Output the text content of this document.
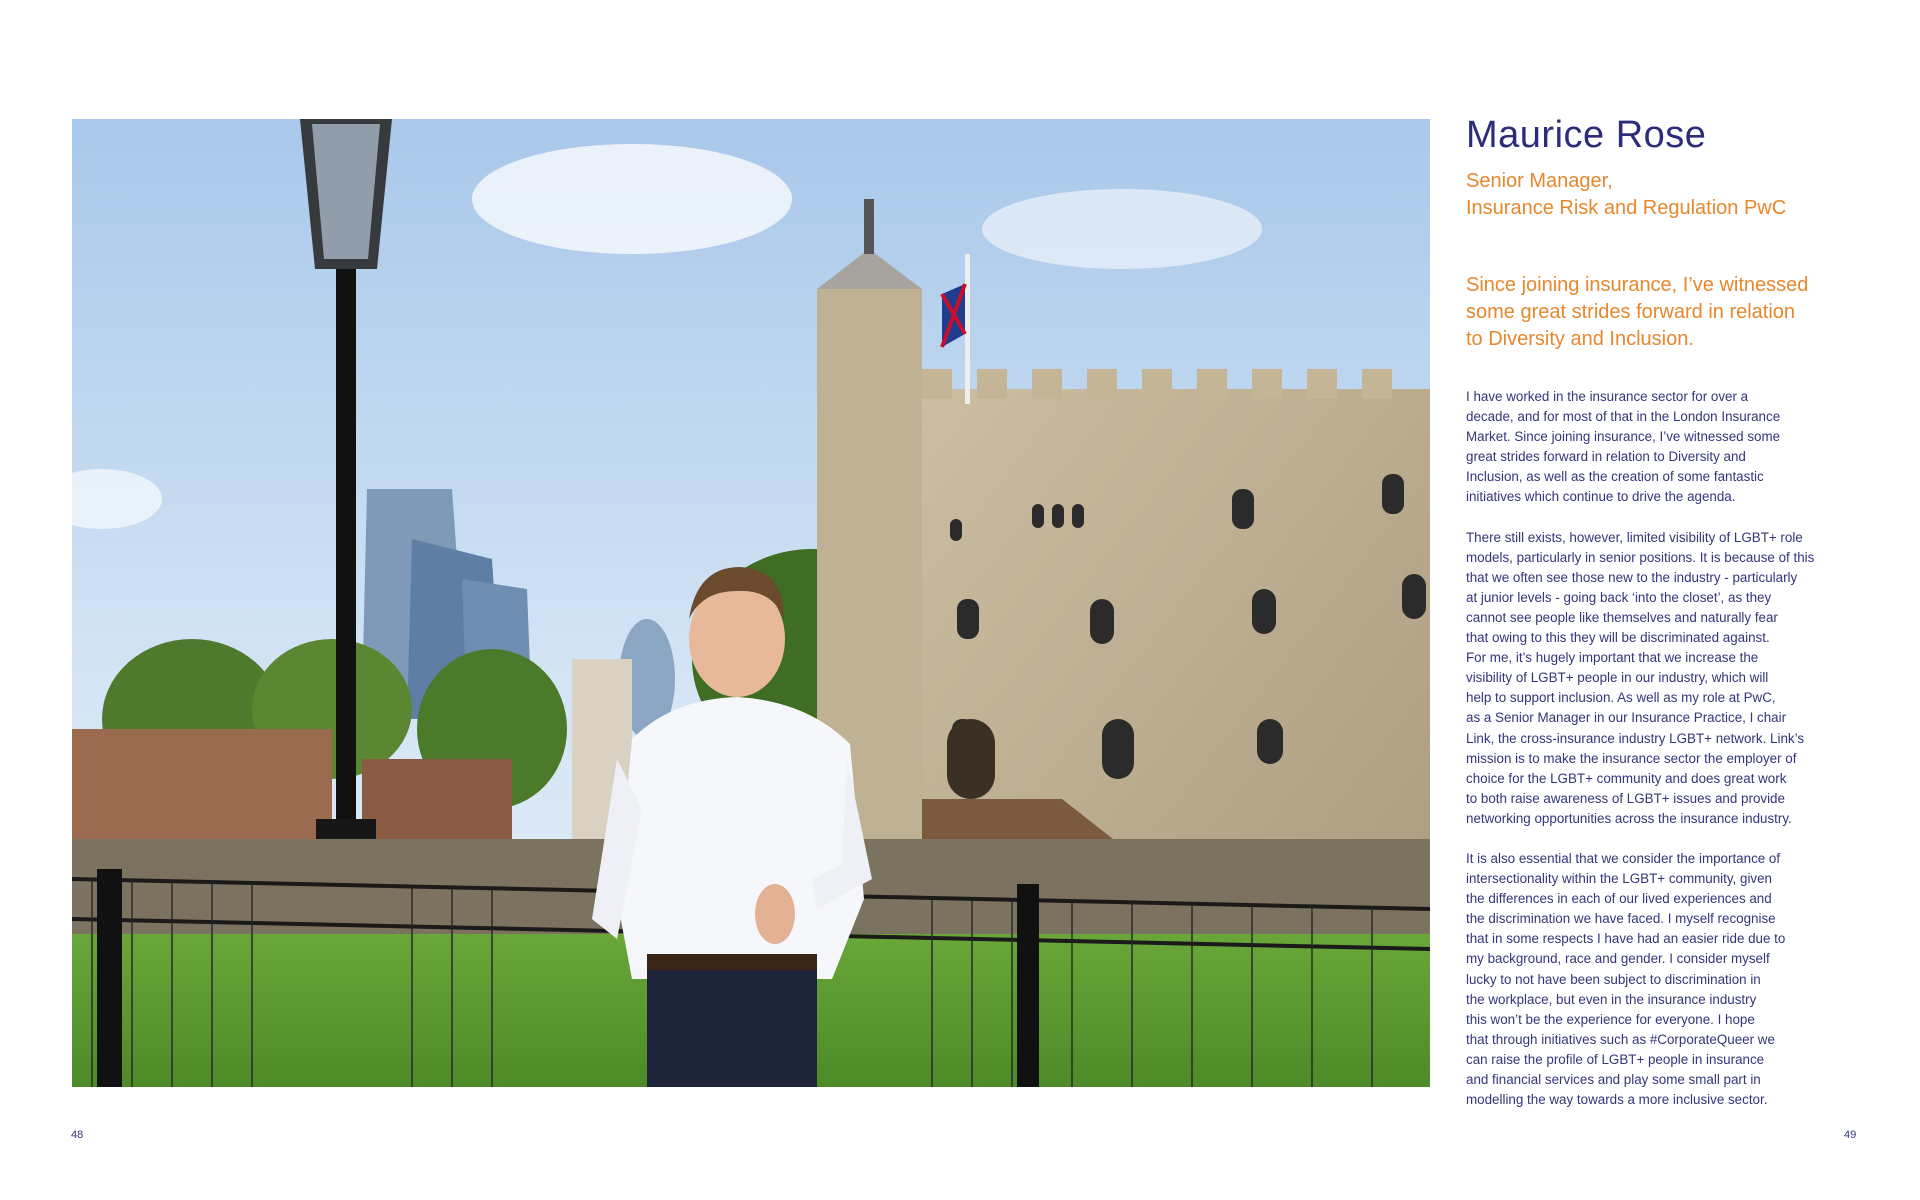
Maurice Rose

Senior Manager,

Insurance Risk and Regulation PwC

Since joining insurance, I’ve witnessed
some great strides forward in relation
to Diversity and Inclusion.

I have worked in the insurance sector for over a
decade, and for most of that in the London Insurance
Market. Since joining insurance, I’ve witnessed some
great strides forward in relation to Diversity and
Inclusion, as well as the creation of some fantastic
initiatives which continue to drive the agenda.

There still exists, however, limited visibility of LGBT+ role
models, particularly in senior positions. It is because of this
that we often see those new to the industry - particularly
at junior levels - going back ‘into the closet’, as they
cannot see people like themselves and naturally fear
that owing to this they will be discriminated against.
For me, it’s hugely important that we increase the
visibility of LGBT+ people in our industry, which will
help to support inclusion. As well as my role at PwC,
as a Senior Manager in our Insurance Practice, I chair
Link, the cross-insurance industry LGBT+ network. Link’s
mission is to make the insurance sector the employer of
choice for the LGBT+ community and does great work
to both raise awareness of LGBT+ issues and provide
networking opportunities across the insurance industry.

It is also essential that we consider the importance of
intersectionality within the LGBT+ community, given
the differences in each of our lived experiences and
the discrimination we have faced. I myself recognise
that in some respects I have had an easier ride due to
my background, race and gender. I consider myself
lucky to not have been subject to discrimination in
the workplace, but even in the insurance industry
this won’t be the experience for everyone. I hope
that through initiatives such as #CorporateQueer we
can raise the profile of LGBT+ people in insurance
and financial services and play some small part in
modelling the way towards a more inclusive sector.

48	49
